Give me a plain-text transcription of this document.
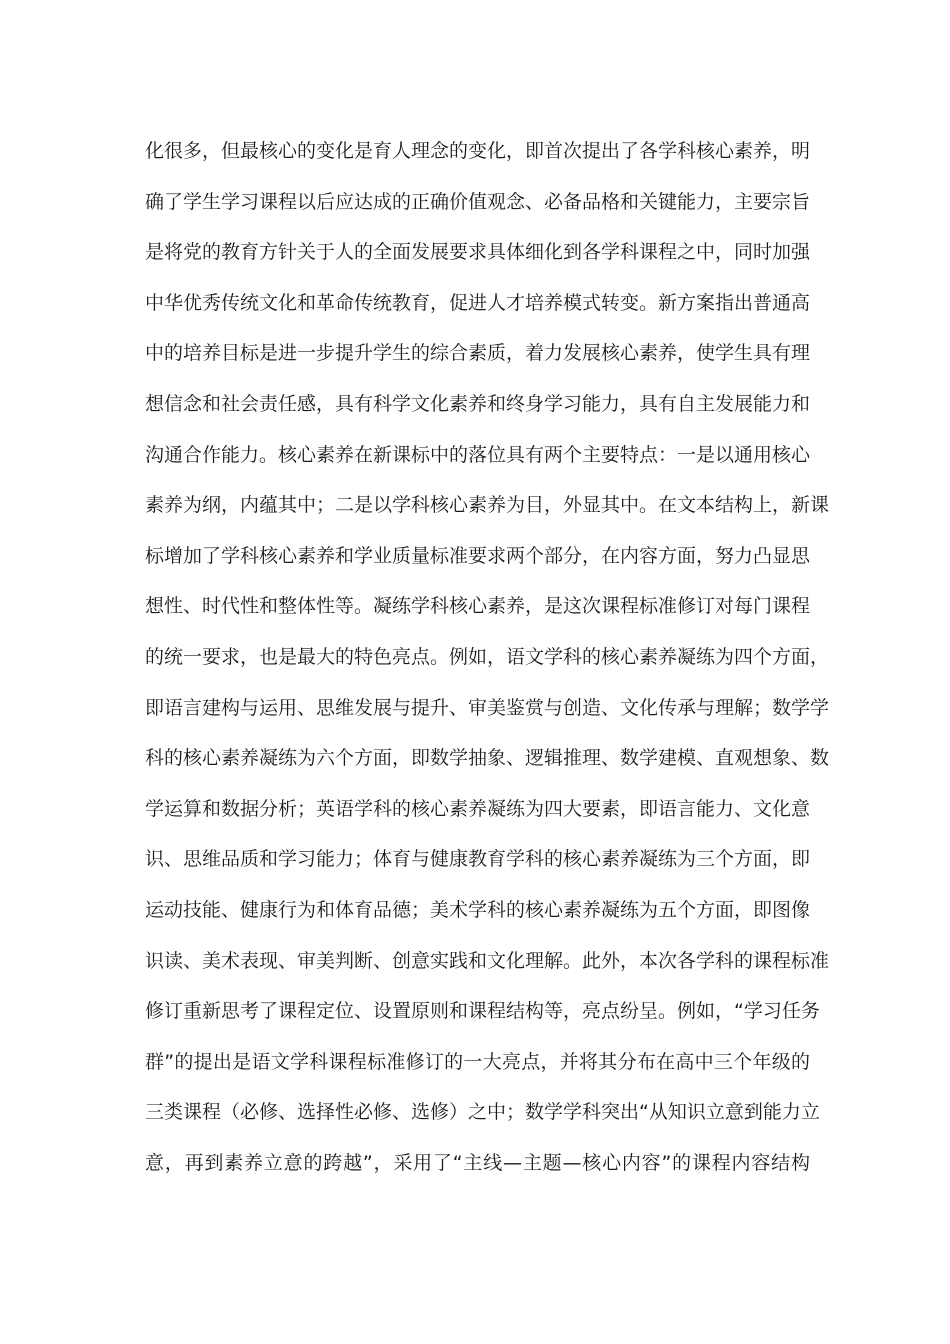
化很多，但最核心的变化是育人理念的变化，即首次提出了各学科核心素养，明
确了学生学习课程以后应达成的正确价值观念、必备品格和关键能力，主要宗旨
是将党的教育方针关于人的全面发展要求具体细化到各学科课程之中，同时加强
中华优秀传统文化和革命传统教育，促进人才培养模式转变。新方案指出普通高
中的培养目标是进一步提升学生的综合素质，着力发展核心素养，使学生具有理
想信念和社会责任感，具有科学文化素养和终身学习能力，具有自主发展能力和
沟通合作能力。核心素养在新课标中的落位具有两个主要特点：一是以通用核心
素养为纲，内蕴其中；二是以学科核心素养为目，外显其中。在文本结构上，新课
标增加了学科核心素养和学业质量标准要求两个部分，在内容方面，努力凸显思
想性、时代性和整体性等。凝练学科核心素养，是这次课程标准修订对每门课程
的统一要求，也是最大的特色亮点。例如，语文学科的核心素养凝练为四个方面，
即语言建构与运用、思维发展与提升、审美鉴赏与创造、文化传承与理解；数学学
科的核心素养凝练为六个方面，即数学抽象、逻辑推理、数学建模、直观想象、数
学运算和数据分析；英语学科的核心素养凝练为四大要素，即语言能力、文化意
识、思维品质和学习能力；体育与健康教育学科的核心素养凝练为三个方面，即
运动技能、健康行为和体育品德；美术学科的核心素养凝练为五个方面，即图像
识读、美术表现、审美判断、创意实践和文化理解。此外，本次各学科的课程标准
修订重新思考了课程定位、设置原则和课程结构等，亮点纷呈。例如，“学习任务
群”的提出是语文学科课程标准修订的一大亮点，并将其分布在高中三个年级的
三类课程（必修、选择性必修、选修）之中；数学学科突出“从知识立意到能力立
意，再到素养立意的跨越”，采用了“主线—主题—核心内容”的课程内容结构
